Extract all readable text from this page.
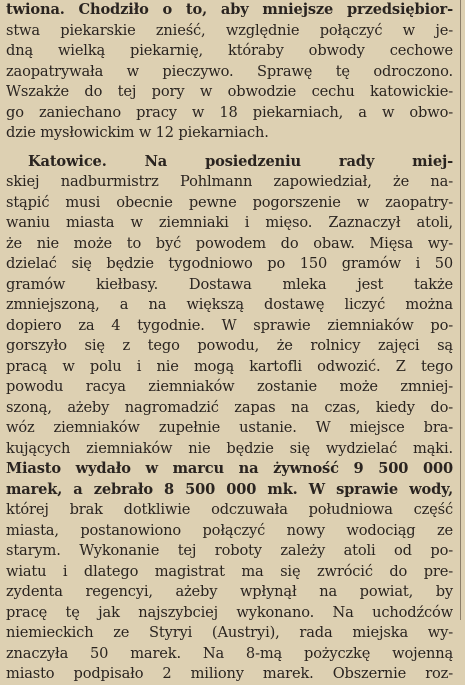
twiona. Chodziło o to, aby mniejsze przedsiębior-
stwa piekarskie znieść, względnie połączyć w je-
dną wielką piekarnię, któraby obwody cechowe
zaopatrywała w pieczywo. Sprawę tę odroczono.
Wszakże do tej pory w obwodzie cechu katowickie-
go zaniechano pracy w 18 piekarniach, a w obwo-
dzie mysłowickim w 12 piekarniach.
Katowice. Na posiedzeniu rady miej-
skiej nadburmistrz Pohlmann zapowiedział, że na-
stąpić musi obecnie pewne pogorszenie w zaopatry-
waniu miasta w ziemniaki i mięso. Zaznaczył atoli,
że nie może to być powodem do obaw. Mięsa wy-
dzielać się będzie tygodniowo po 150 gramów i 50
gramów kiełbasy. Dostawa mleka jest także
zmniejszoną, a na większą dostawę liczyć można
dopiero za 4 tygodnie. W sprawie ziemniaków po-
gorszyło się z tego powodu, że rolnicy zajęci są
pracą w polu i nie mogą kartofli odwozić. Z tego
powodu racya ziemniaków zostanie może zmniej-
szoną, ażeby nagromadzić zapas na czas, kiedy do-
wóz ziemniaków zupełnie ustanie. W miejsce bra-
kujących ziemniaków nie będzie się wydzielać mąki.
Miasto wydało w marcu na żywność 9 500 000
marek, a zebrało 8 500 000 mk. W sprawie wody,
której brak dotkliwie odczuwała południowa część
miasta, postanowiono połączyć nowy wodociąg ze
starym. Wykonanie tej roboty zależy atoli od po-
wiatu i dlatego magistrat ma się zwrócić do pre-
zydenta regencyi, ażeby wpłynął na powiat, by
pracę tę jak najszybciej wykonano. Na uchodźców
niemieckich ze Styryi (Austryi), rada miejska wy-
znaczyła 50 marek. Na 8-mą pożyczkę wojenną
miasto podpisało 2 miliony marek. Obszernie roz-
